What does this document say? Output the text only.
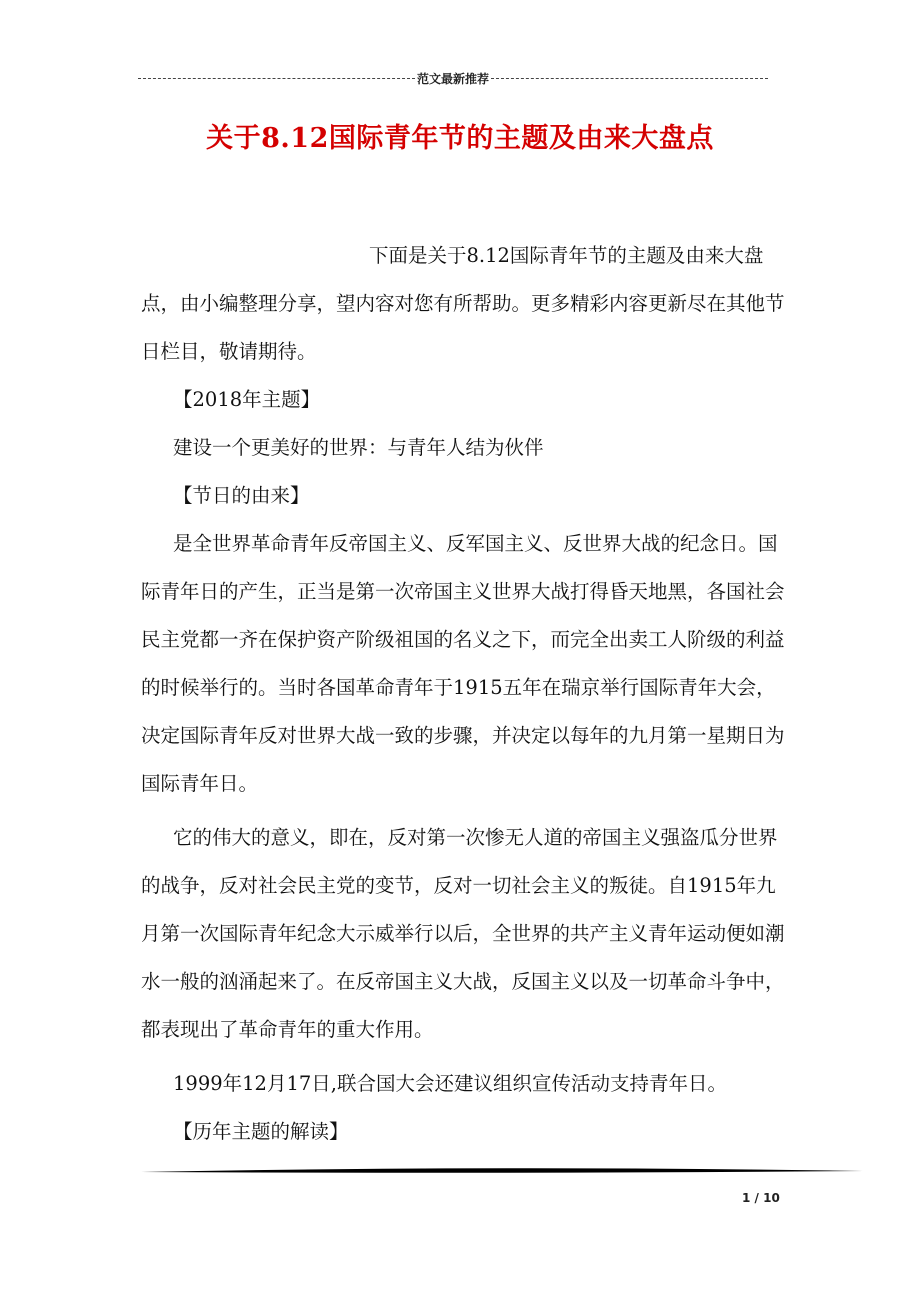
范文最新推荐
关于8.12国际青年节的主题及由来大盘点

下面是关于8.12国际青年节的主题及由来大盘点，由小编整理分享，望内容对您有所帮助。更多精彩内容更新尽在其他节日栏目，敬请期待。

【2018年主题】

建设一个更美好的世界：与青年人结为伙伴

【节日的由来】

是全世界革命青年反帝国主义、反军国主义、反世界大战的纪念日。国际青年日的产生，正当是第一次帝国主义世界大战打得昏天地黑，各国社会民主党都一齐在保护资产阶级祖国的名义之下，而完全出卖工人阶级的利益的时候举行的。当时各国革命青年于1915五年在瑞京举行国际青年大会，决定国际青年反对世界大战一致的步骤，并决定以每年的九月第一星期日为国际青年日。

它的伟大的意义，即在，反对第一次惨无人道的帝国主义强盗瓜分世界的战争，反对社会民主党的变节，反对一切社会主义的叛徒。自1915年九月第一次国际青年纪念大示威举行以后，全世界的共产主义青年运动便如潮水一般的汹涌起来了。在反帝国主义大战，反国主义以及一切革命斗争中，都表现出了革命青年的重大作用。

1999年12月17日,联合国大会还建议组织宣传活动支持青年日。

【历年主题的解读】

1 / 10
